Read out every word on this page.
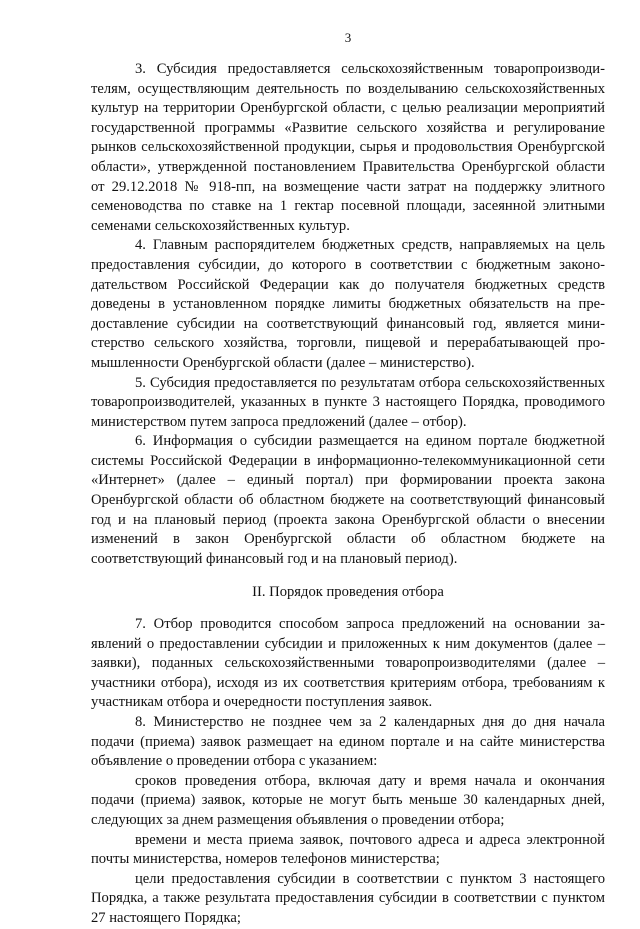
3

3. Субсидия предоставляется сельскохозяйственным товаропроизводителям, осуществляющим деятельность по возделыванию сельскохозяйственных культур на территории Оренбургской области, с целью реализации мероприятий государственной программы «Развитие сельского хозяйства и регулирование рынков сельскохозяйственной продукции, сырья и продовольствия Оренбургской области», утвержденной постановлением Правительства Оренбургской области от 29.12.2018 № 918-пп, на возмещение части затрат на поддержку элитного семеноводства по ставке на 1 гектар посевной площади, засеянной элитными семенами сельскохозяйственных культур.

4. Главным распорядителем бюджетных средств, направляемых на цель предоставления субсидии, до которого в соответствии с бюджетным законодательством Российской Федерации как до получателя бюджетных средств доведены в установленном порядке лимиты бюджетных обязательств на предоставление субсидии на соответствующий финансовый год, является министерство сельского хозяйства, торговли, пищевой и перерабатывающей промышленности Оренбургской области (далее – министерство).

5. Субсидия предоставляется по результатам отбора сельскохозяйственных товаропроизводителей, указанных в пункте 3 настоящего Порядка, проводимого министерством путем запроса предложений (далее – отбор).

6. Информация о субсидии размещается на едином портале бюджетной системы Российской Федерации в информационно-телекоммуникационной сети «Интернет» (далее – единый портал) при формировании проекта закона Оренбургской области об областном бюджете на соответствующий финансовый год и на плановый период (проекта закона Оренбургской области о внесении изменений в закон Оренбургской области об областном бюджете на соответствующий финансовый год и на плановый период).

II. Порядок проведения отбора

7. Отбор проводится способом запроса предложений на основании заявлений о предоставлении субсидии и приложенных к ним документов (далее – заявки), поданных сельскохозяйственными товаропроизводителями (далее – участники отбора), исходя из их соответствия критериям отбора, требованиям к участникам отбора и очередности поступления заявок.

8. Министерство не позднее чем за 2 календарных дня до дня начала подачи (приема) заявок размещает на едином портале и на сайте министерства объявление о проведении отбора с указанием:

сроков проведения отбора, включая дату и время начала и окончания подачи (приема) заявок, которые не могут быть меньше 30 календарных дней, следующих за днем размещения объявления о проведении отбора;

времени и места приема заявок, почтового адреса и адреса электронной почты министерства, номеров телефонов министерства;

цели предоставления субсидии в соответствии с пунктом 3 настоящего Порядка, а также результата предоставления субсидии в соответствии с пунктом 27 настоящего Порядка;
